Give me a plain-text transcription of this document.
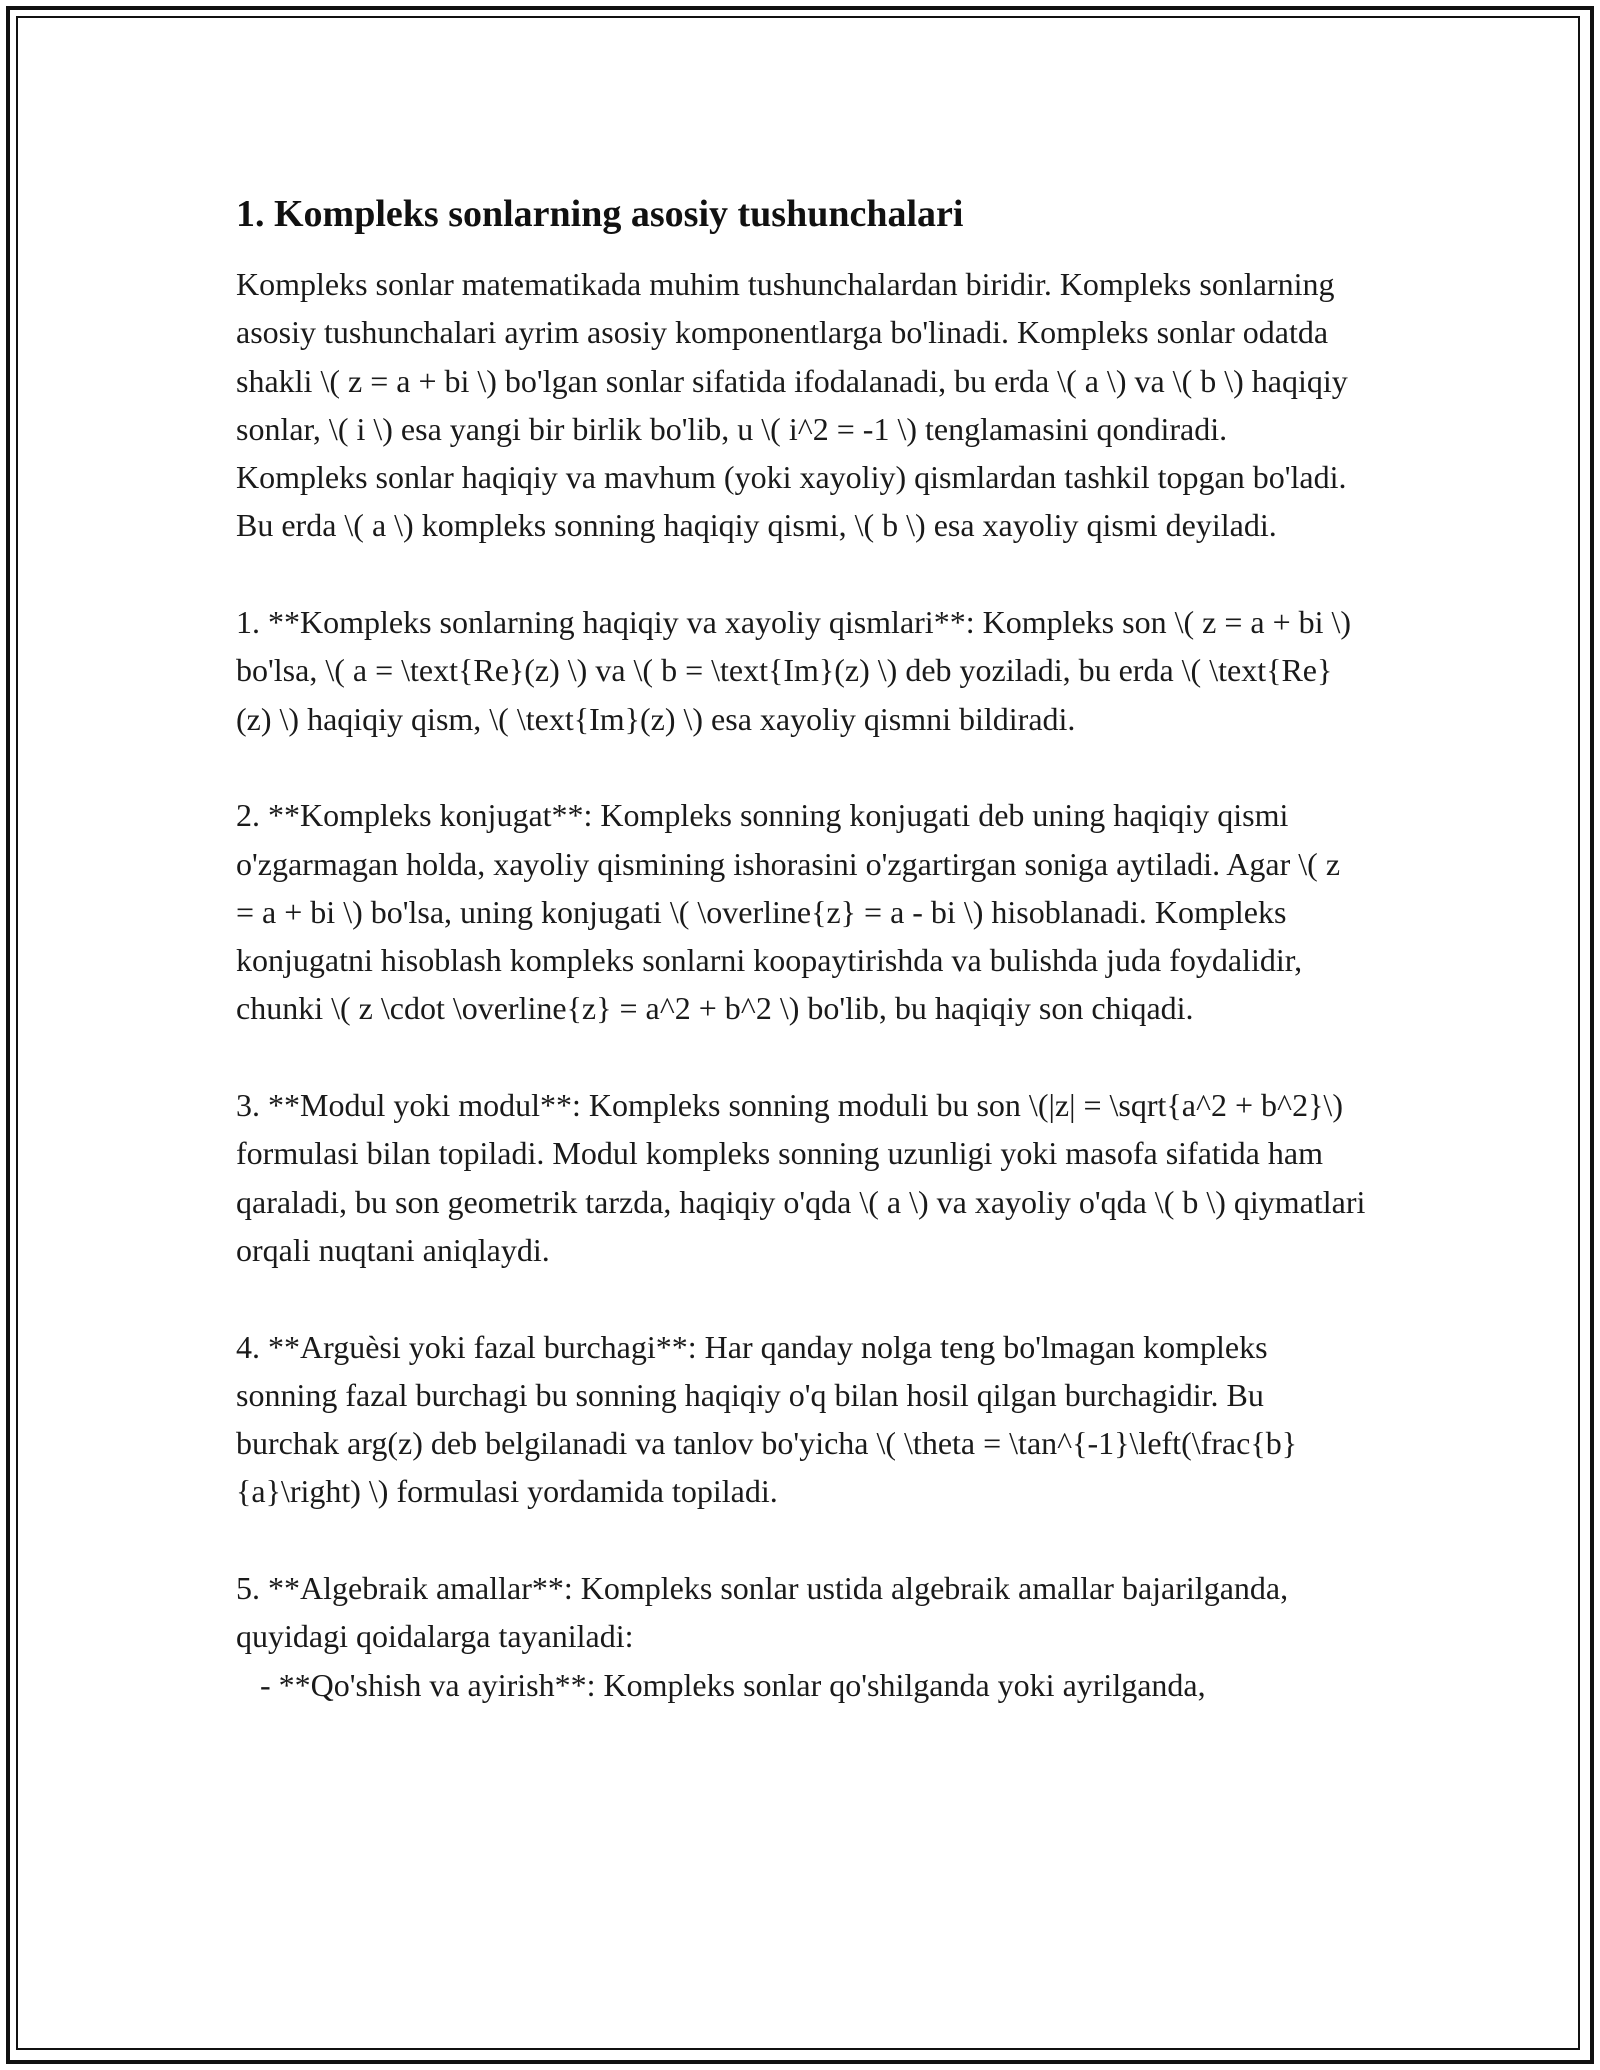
1. Kompleks sonlarning asosiy tushunchalari

Kompleks sonlar matematikada muhim tushunchalardan biridir. Kompleks sonlarning asosiy tushunchalari ayrim asosiy komponentlarga bo'linadi. Kompleks sonlar odatda shakli \( z = a + bi \) bo'lgan sonlar sifatida ifodalanadi, bu erda \( a \) va \( b \) haqiqiy sonlar, \( i \) esa yangi bir birlik bo'lib, u \( i^2 = -1 \) tenglamasini qondiradi. Kompleks sonlar haqiqiy va mavhum (yoki xayoliy) qismlardan tashkil topgan bo'ladi. Bu erda \( a \) kompleks sonning haqiqiy qismi, \( b \) esa xayoliy qismi deyiladi.

1. **Kompleks sonlarning haqiqiy va xayoliy qismlari**: Kompleks son \( z = a + bi \) bo'lsa, \( a = \text{Re}(z) \) va \( b = \text{Im}(z) \) deb yoziladi, bu erda \( \text{Re}(z) \) haqiqiy qism, \( \text{Im}(z) \) esa xayoliy qismni bildiradi.

2. **Kompleks konjugat**: Kompleks sonning konjugati deb uning haqiqiy qismi o'zgarmagan holda, xayoliy qismining ishorasini o'zgartirgan soniga aytiladi. Agar \( z = a + bi \) bo'lsa, uning konjugati \( \overline{z} = a - bi \) hisoblanadi. Kompleks konjugatni hisoblash kompleks sonlarni koopaytirishda va bulishda juda foydalidir, chunki \( z \cdot \overline{z} = a^2 + b^2 \) bo'lib, bu haqiqiy son chiqadi.

3. **Modul yoki modul**: Kompleks sonning moduli bu son \(|z| = \sqrt{a^2 + b^2}\) formulasi bilan topiladi. Modul kompleks sonning uzunligi yoki masofa sifatida ham qaraladi, bu son geometrik tarzda, haqiqiy o'qda \( a \) va xayoliy o'qda \( b \) qiymatlari orqali nuqtani aniqlaydi.

4. **Arguèsi yoki fazal burchagi**: Har qanday nolga teng bo'lmagan kompleks sonning fazal burchagi bu sonning haqiqiy o'q bilan hosil qilgan burchagidir. Bu burchak arg(z) deb belgilanadi va tanlov bo'yicha \( \theta = \tan^{-1}\left(\frac{b}{a}\right) \) formulasi yordamida topiladi.

5. **Algebraik amallar**: Kompleks sonlar ustida algebraik amallar bajarilganda, quyidagi qoidalarga tayaniladi:
- **Qo'shish va ayirish**: Kompleks sonlar qo'shilganda yoki ayrilganda,
